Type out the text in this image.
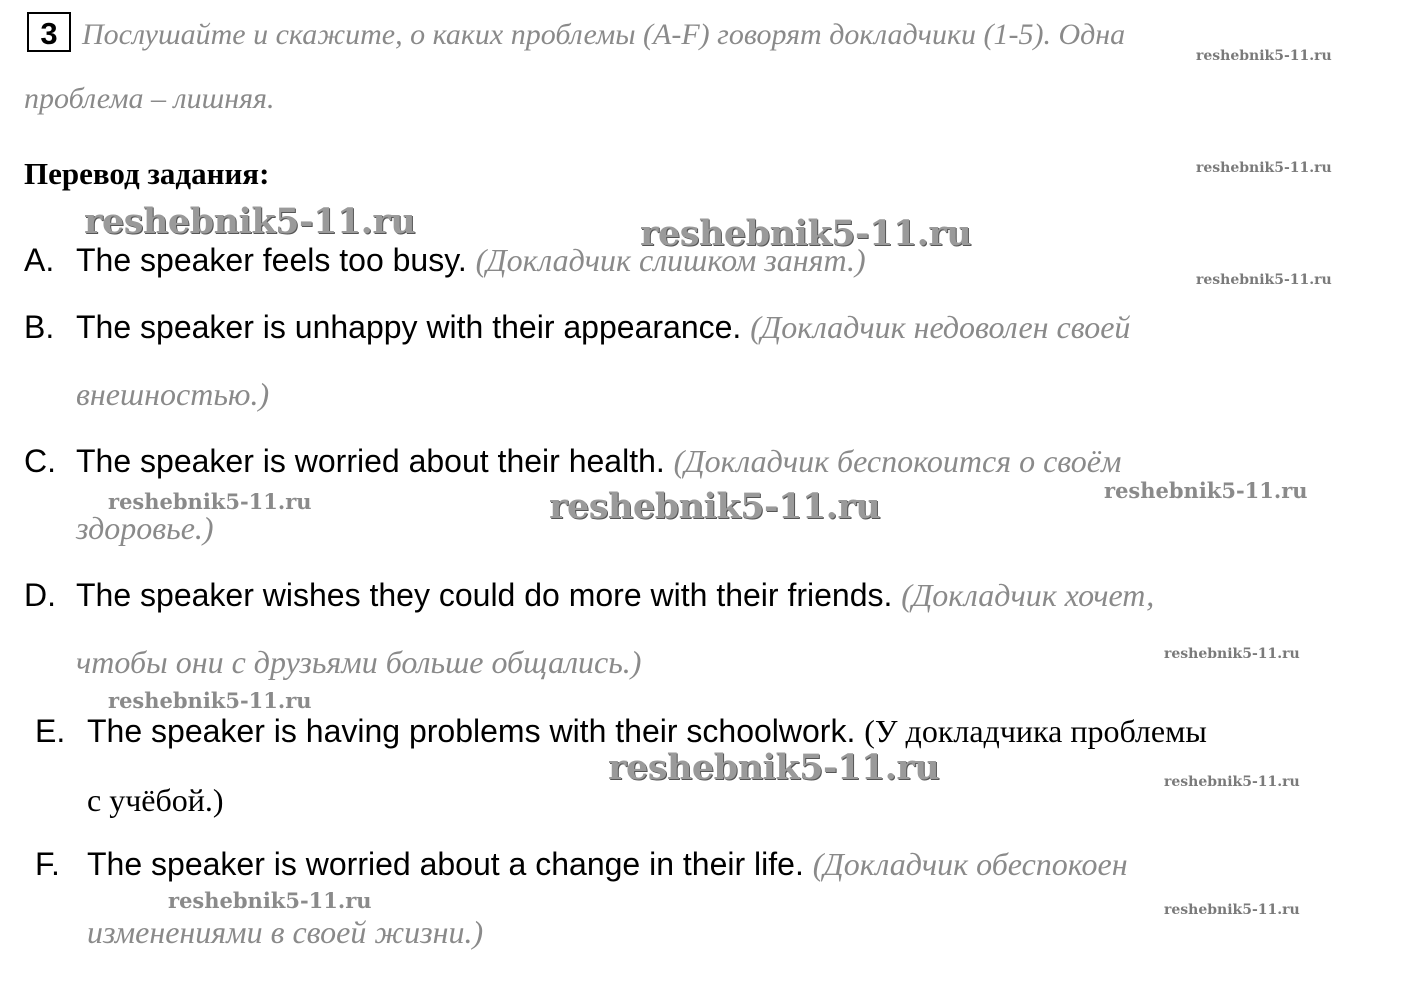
3 Послушайте и скажите, о каких проблемы (A-F) говорят докладчики (1-5). Одна
проблема – лишняя.
Перевод задания:
A. The speaker feels too busy. (Докладчик слишком занят.)
B. The speaker is unhappy with their appearance. (Докладчик недоволен своей
внешностью.)
C. The speaker is worried about their health. (Докладчик беспокоится о своём
здоровье.)
D. The speaker wishes they could do more with their friends. (Докладчик хочет,
чтобы они с друзьями больше общались.)
E. The speaker is having problems with their schoolwork. (У докладчика проблемы
с учёбой.)
F. The speaker is worried about a change in their life. (Докладчик обеспокоен
изменениями в своей жизни.)
reshebnik5-11.ru
reshebnik5-11.ru
reshebnik5-11.ru
reshebnik5-11.ru
reshebnik5-11.ru
reshebnik5-11.ru
reshebnik5-11.ru	reshebnik5-11.ru
reshebnik5-11.ru
reshebnik5-11.ru
reshebnik5-11.ru	reshebnik5-11.ru
reshebnik5-11.ru
reshebnik5-11.ru
